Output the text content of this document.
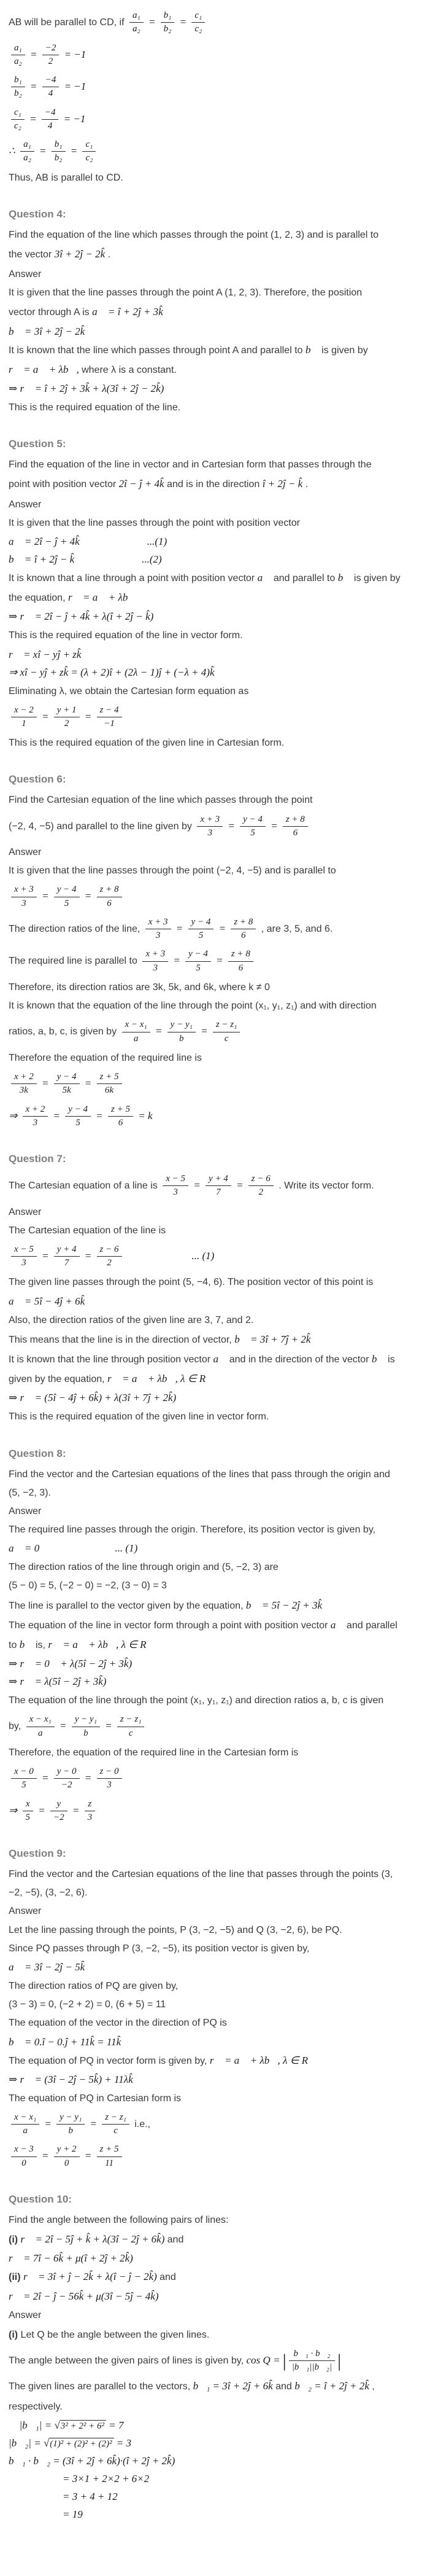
AB will be parallel to CD, if $\frac{\text{a₁}}{\text{a₂}} = \frac{\text{b₁}}{\text{b₂}} = \frac{\text{c₁}}{\text{c₂}}$
$\frac{\text{a₁}}{\text{a₂}} = \frac{-2}{2} = -1$
$\frac{\text{b₁}}{\text{b₂}} = \frac{-4}{4} = -1$
$\frac{\text{c₁}}{\text{c₂}} = \frac{-4}{4} = -1$
∴ $\frac{\text{a₁}}{\text{a₂}} = \frac{\text{b₁}}{\text{b₂}} = \frac{\text{c₁}}{\text{c₂}}$
Thus, AB is parallel to CD.
Question 4:
Find the equation of the line which passes through the point (1, 2, 3) and is parallel to
the vector 3î + 2ĵ − 2k̂ .
Answer
It is given that the line passes through the point A (1, 2, 3). Therefore, the position
vector through A is a⃗ = î + 2ĵ + 3k̂
b⃗ = 3î + 2ĵ − 2k̂
It is known that the line which passes through point A and parallel to b⃗ is given by
r⃗ = a⃗ + λb⃗, where λ is a constant.
⇒ r⃗ = î + 2ĵ + 3k̂ + λ(3î + 2ĵ − 2k̂)
This is the required equation of the line.
Question 5:
Find the equation of the line in vector and in Cartesian form that passes through the
point with position vector 2î − ĵ + 4k̂ and is in the direction î + 2ĵ − k̂ .
Answer
It is given that the line passes through the point with position vector
a⃗ = 2î − ĵ + 4k̂	...(1)
b⃗ = î + 2ĵ − k̂	...(2)
It is known that a line through a point with position vector a⃗ and parallel to b⃗ is given by
the equation, r⃗ = a⃗ + λb⃗
⇒ r⃗ = 2î − ĵ + 4k̂ + λ(î + 2ĵ − k̂)
This is the required equation of the line in vector form.
r⃗ = xî − yĵ + zk̂
⇒ xî − yĵ + zk̂ = (λ + 2)î + (2λ − 1)ĵ + (−λ + 4)k̂
Eliminating λ, we obtain the Cartesian form equation as
$\frac{x - 2}{1} = \frac{y + 1}{2} = \frac{z - 4}{-1}$
This is the required equation of the given line in Cartesian form.
Question 6:
Find the Cartesian equation of the line which passes through the point
(−2, 4, −5) and parallel to the line given by $\frac{x + 3}{3} = \frac{y - 4}{5} = \frac{z + 8}{6}$
Answer
It is given that the line passes through the point (−2, 4, −5) and is parallel to
$\frac{x + 3}{3} = \frac{y - 4}{5} = \frac{z + 8}{6}$
The direction ratios of the line, $\frac{x + 3}{3} = \frac{y - 4}{5} = \frac{z + 8}{6}$ , are 3, 5, and 6.
The required line is parallel to $\frac{x + 3}{3} = \frac{y - 4}{5} = \frac{z + 8}{6}$
Therefore, its direction ratios are 3k, 5k, and 6k, where k ≠ 0
It is known that the equation of the line through the point (x₁, y₁, z₁) and with direction
ratios, a, b, c, is given by $\frac{\text{x − x₁}}{a} = \frac{\text{y − y₁}}{b} = \frac{\text{z − z₁}}{c}$
Therefore the equation of the required line is
$\frac{x + 2}{3k} = \frac{y - 4}{5k} = \frac{z + 5}{6k}$
⇒ $\frac{x + 2}{3} = \frac{y - 4}{5} = \frac{z + 5}{6} = k$
Question 7:
The Cartesian equation of a line is $\frac{x - 5}{3} = \frac{y + 4}{7} = \frac{z - 6}{2}$ . Write its vector form.
Answer
The Cartesian equation of the line is
$\frac{x - 5}{3} = \frac{y + 4}{7} = \frac{z - 6}{2}$	... (1)
The given line passes through the point (5, −4, 6). The position vector of this point is
a⃗ = 5î − 4ĵ + 6k̂
Also, the direction ratios of the given line are 3, 7, and 2.
This means that the line is in the direction of vector, b⃗ = 3î + 7ĵ + 2k̂
It is known that the line through position vector a⃗ and in the direction of the vector b⃗ is
given by the equation, r⃗ = a⃗ + λb⃗, λ ∈ R
⇒ r⃗ = (5î − 4ĵ + 6k̂) + λ(3î + 7ĵ + 2k̂)
This is the required equation of the given line in vector form.
Question 8:
Find the vector and the Cartesian equations of the lines that pass through the origin and
(5, −2, 3).
Answer
The required line passes through the origin. Therefore, its position vector is given by,
a⃗ = 0⃗	... (1)
The direction ratios of the line through origin and (5, −2, 3) are
(5 − 0) = 5, (−2 − 0) = −2, (3 − 0) = 3
The line is parallel to the vector given by the equation, b⃗ = 5î − 2ĵ + 3k̂
The equation of the line in vector form through a point with position vector a⃗ and parallel
to b⃗ is, r⃗ = a⃗ + λb⃗, λ ∈ R
⇒ r⃗ = 0⃗ + λ(5î − 2ĵ + 3k̂)
⇒ r⃗ = λ(5î − 2ĵ + 3k̂)
The equation of the line through the point (x₁, y₁, z₁) and direction ratios a, b, c is given
by, $\frac{\text{x − x₁}}{a} = \frac{\text{y − y₁}}{b} = \frac{\text{z − z₁}}{c}$
Therefore, the equation of the required line in the Cartesian form is
$\frac{x - 0}{5} = \frac{y - 0}{-2} = \frac{z - 0}{3}$
⇒ $\frac{x}{5} = \frac{y}{-2} = \frac{z}{3}$
Question 9:
Find the vector and the Cartesian equations of the line that passes through the points (3,
−2, −5), (3, −2, 6).
Answer
Let the line passing through the points, P (3, −2, −5) and Q (3, −2, 6), be PQ.
Since PQ passes through P (3, −2, −5), its position vector is given by,
a⃗ = 3î − 2ĵ − 5k̂
The direction ratios of PQ are given by,
(3 − 3) = 0, (−2 + 2) = 0, (6 + 5) = 11
The equation of the vector in the direction of PQ is
b⃗ = 0.î − 0.ĵ + 11k̂ = 11k̂
The equation of PQ in vector form is given by, r⃗ = a⃗ + λb⃗, λ ∈ R
⇒ r⃗ = (3î − 2ĵ − 5k̂) + 11λk̂
The equation of PQ in Cartesian form is
$\frac{\text{x − x₁}}{a} = \frac{\text{y − y₁}}{b} = \frac{\text{z − z₁}}{c} i.e$.,
$\frac{x - 3}{0} = \frac{y + 2}{0} = \frac{z + 5}{11}$
Question 10:
Find the angle between the following pairs of lines:
(i) r⃗ = 2î − 5ĵ + k̂ + λ(3î − 2ĵ + 6k̂) and
r⃗ = 7î − 6k̂ + μ(î + 2ĵ + 2k̂)
(ii) r⃗ = 3î + ĵ − 2k̂ + λ(î − ĵ − 2k̂) and
r⃗ = 2î − ĵ − 56k̂ + μ(3î − 5ĵ − 4k̂)
Answer
(i) Let Q be the angle between the given lines.
The angle between the given pairs of lines is given by, cos Q = | $\frac{\text{b⃗₁ · b⃗₂}}{\text{|b⃗₁||b⃗₂|}}$ |
The given lines are parallel to the vectors, b⃗₁ = 3î + 2ĵ + 6k̂ and b⃗₂ = î + 2ĵ + 2k̂ ,
respectively.
∴ |b⃗₁| = √3² + 2² + 6² = 7
|b⃗₂| = √(1)² + (2)² + (2)² = 3
b⃗₁ · b⃗₂ = (3î + 2ĵ + 6k̂)·(î + 2ĵ + 2k̂)
= 3×1 + 2×2 + 6×2
= 3 + 4 + 12
= 19
